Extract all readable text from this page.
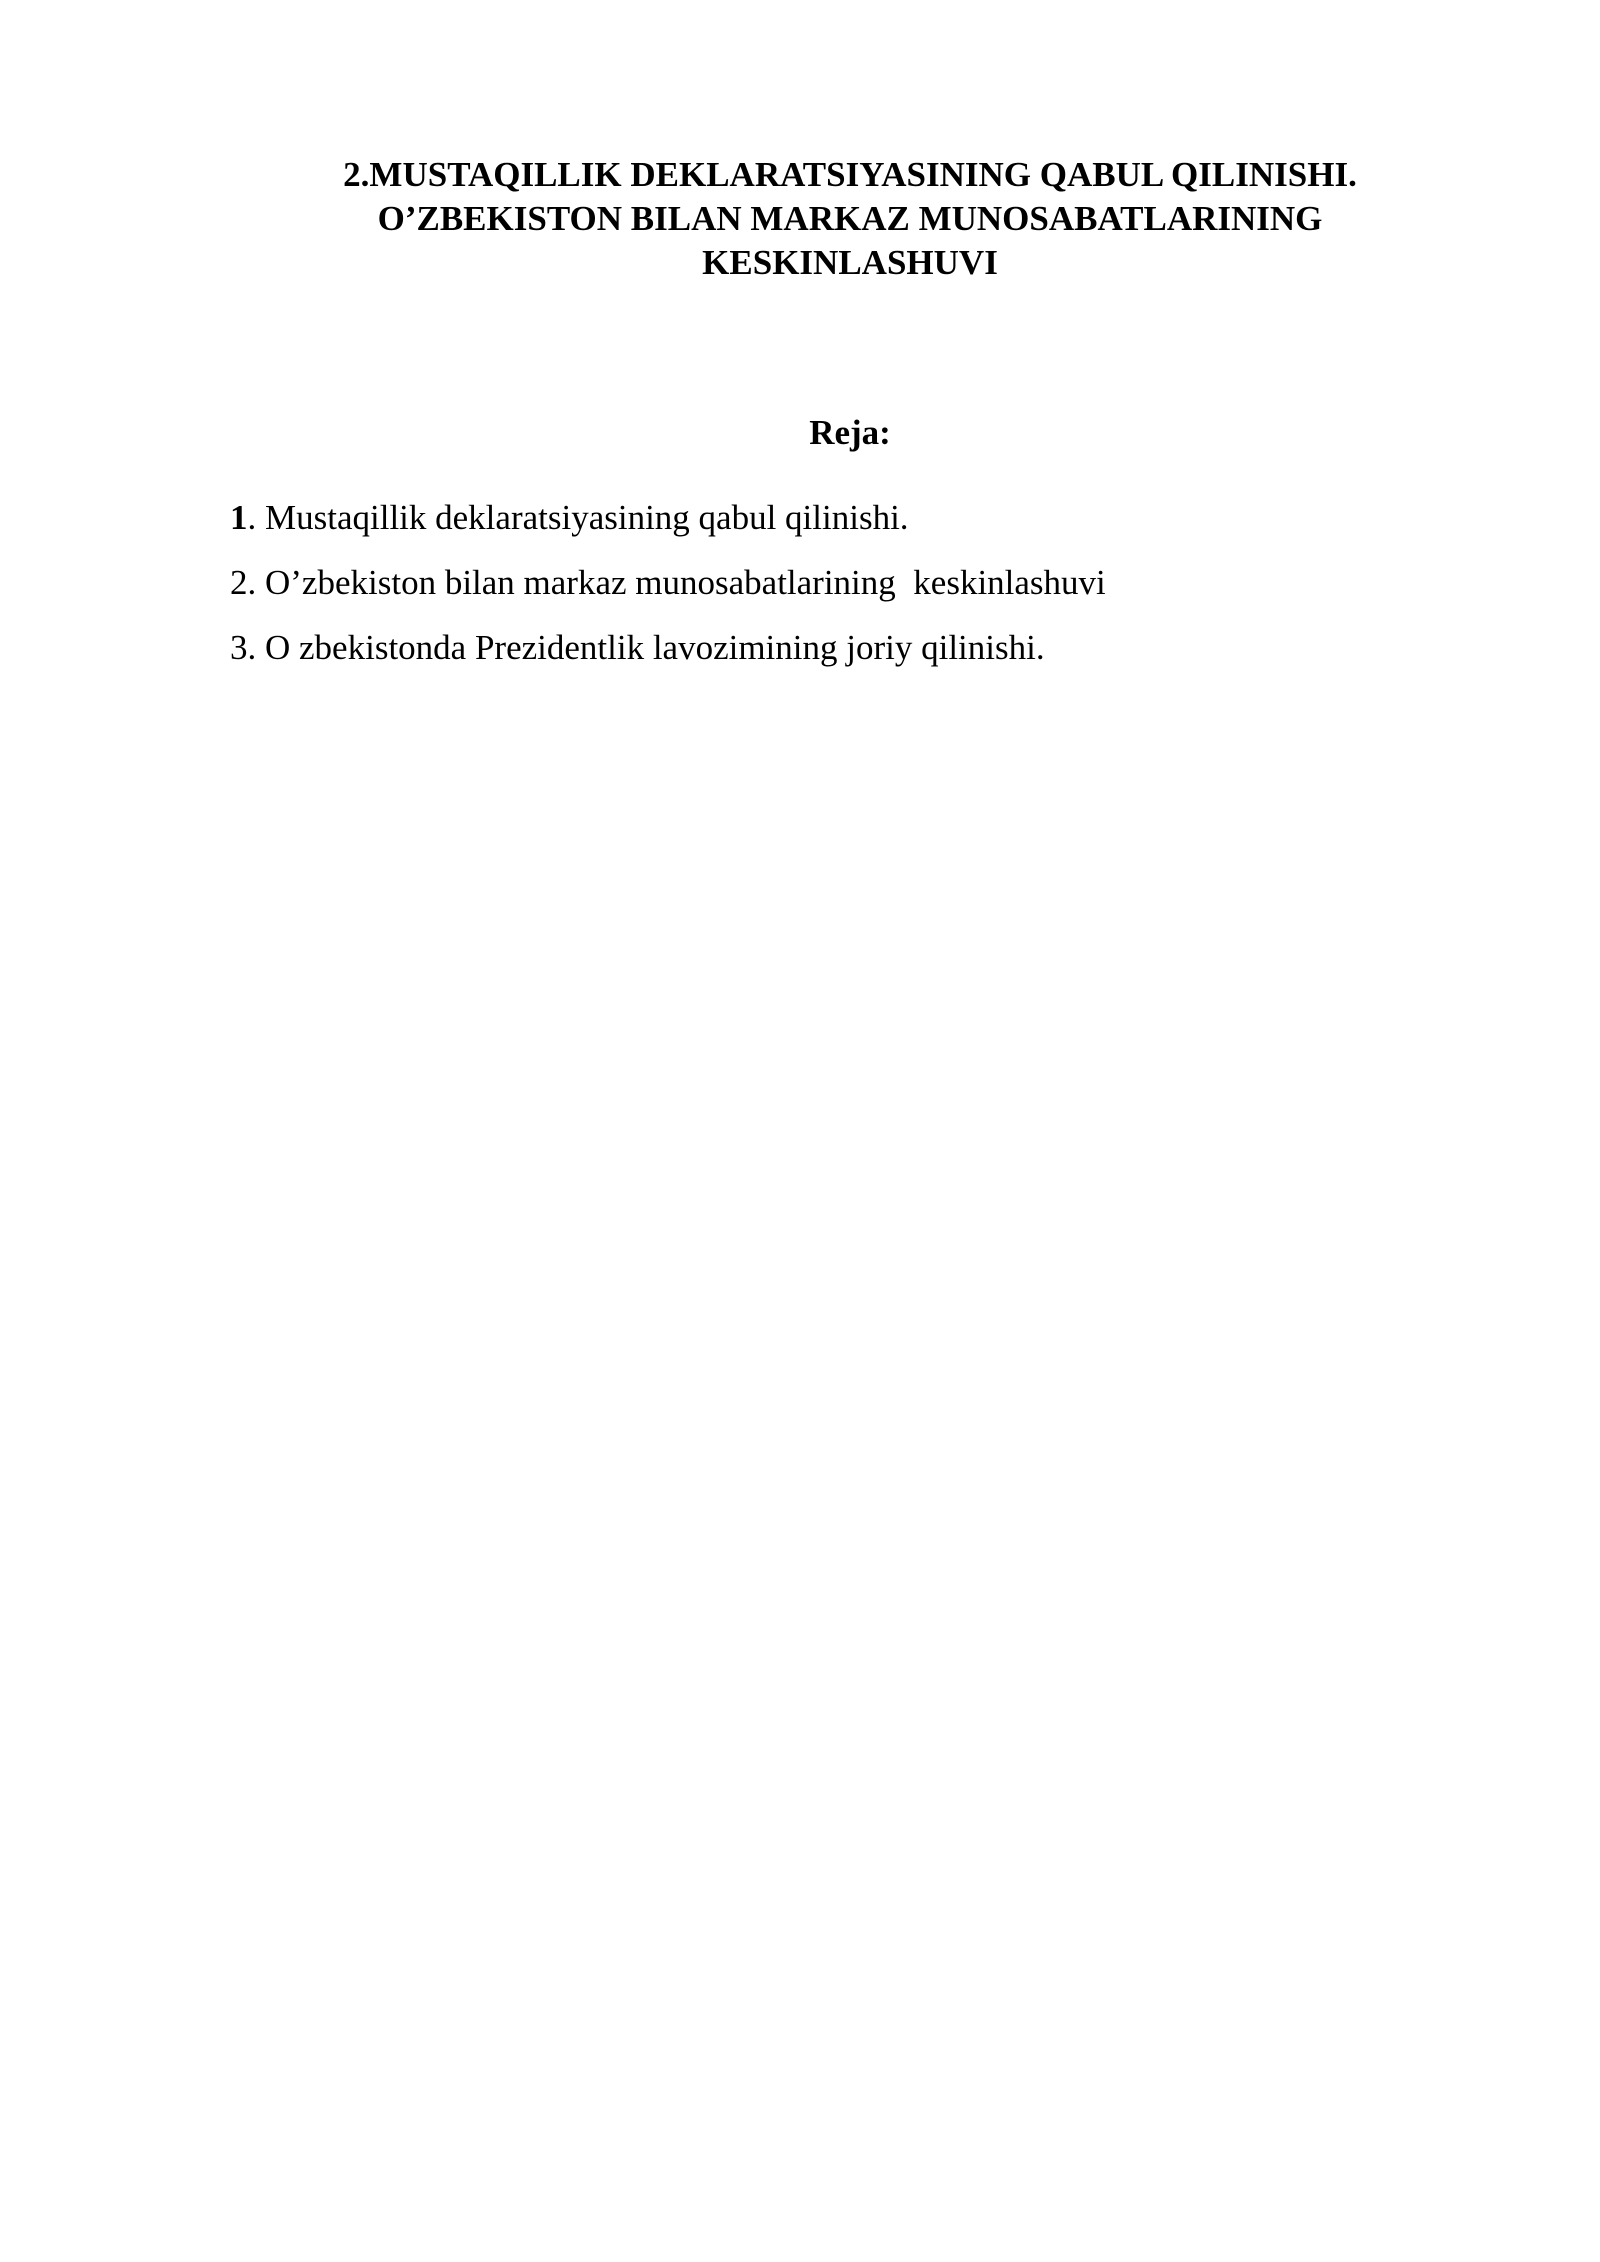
2.MUSTAQILLIK DEKLARATSIYASINING QABUL QILINISHI.
O’ZBEKISTON BILAN MARKAZ MUNOSABATLARINING
KESKINLASHUVI
Reja:
1. Mustaqillik deklaratsiyasining qabul qilinishi.
2. O’zbekiston bilan markaz munosabatlarining  keskinlashuvi
3. O zbekistonda Prezidentlik lavozimining joriy qilinishi.
